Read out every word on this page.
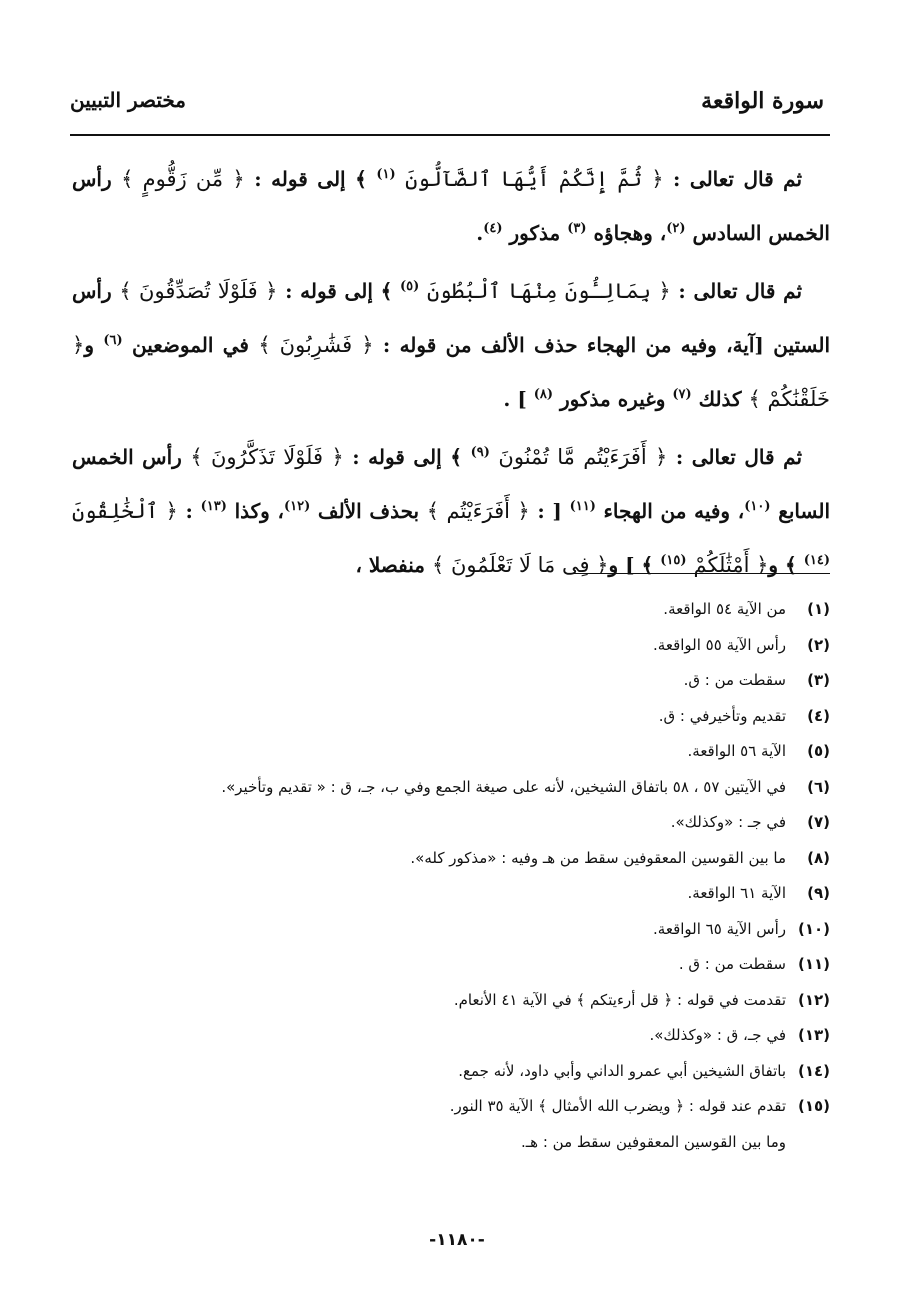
سورة الواقعة
مختصر التبيين

ثم قال تعالى : ﴿ ثُمَّ إِنَّكُمْ أَيُّهَا ٱلضَّآلُّونَ $^{(١)}$ ﴾ إلى قوله : ﴿ مِّن زَقُّومٍ ﴾ رأس الخمس السادس $^{(٢)}$، وهجاؤه $^{(٣)}$ مذكور $^{(٤)}$.

ثم قال تعالى : ﴿ بِمَالِـُٔونَ مِنْهَا ٱلْبُطُونَ $^{(٥)}$ ﴾ إلى قوله : ﴿ فَلَوْلَا تُصَدِّقُونَ ﴾ رأس الستين [آية، وفيه من الهجاء حذف الألف من قوله : ﴿ فَشَٰرِبُونَ ﴾ في الموضعين $^{(٦)}$ و﴿ خَلَقْنَٰكُمْ ﴾ كذلك $^{(٧)}$ وغيره مذكور $^{(٨)}$ ] .

ثم قال تعالى : ﴿ أَفَرَءَيْتُم مَّا تُمْنُونَ $^{(٩)}$ ﴾ إلى قوله : ﴿ فَلَوْلَا تَذَكَّرُونَ ﴾ رأس الخمس السابع $^{(١٠)}$، وفيه من الهجاء $^{(١١)}$ [ : ﴿ أَفَرَءَيْتُم ﴾ بحذف الألف $^{(١٢)}$، وكذا $^{(١٣)}$ : ﴿ ٱلْخَٰلِقُونَ $^{(١٤)}$ ﴾ و﴿ أَمْثَٰلَكُمْ $^{(١٥)}$ ﴾ ] و﴿ فِى مَا لَا تَعْلَمُونَ ﴾ منفصلا ،

(١)من الآية ٥٤ الواقعة.
(٢)رأس الآية ٥٥ الواقعة.
(٣)سقطت من : ق.
(٤)تقديم وتأخيرفي : ق.
(٥)الآية ٥٦ الواقعة.
(٦)في الآيتين ٥٧ ، ٥٨ باتفاق الشيخين، لأنه على صيغة الجمع وفي ب، جـ، ق : « تقديم وتأخير».
(٧)في جـ : «وكذلك».
(٨)ما بين القوسين المعقوفين سقط من هـ وفيه : «مذكور كله».
(٩)الآية ٦١ الواقعة.
(١٠)رأس الآية ٦٥ الواقعة.
(١١)سقطت من : ق .
(١٢)تقدمت في قوله : ﴿ قل أرءيتكم ﴾ في الآية ٤١ الأنعام.
(١٣)في جـ، ق : «وكذلك».
(١٤)باتفاق الشيخين أبي عمرو الداني وأبي داود، لأنه جمع.
(١٥)تقدم عند قوله : ﴿ ويضرب الله الأمثال ﴾ الآية ٣٥ النور.
وما بين القوسين المعقوفين سقط من : هـ.
-١١٨٠-
